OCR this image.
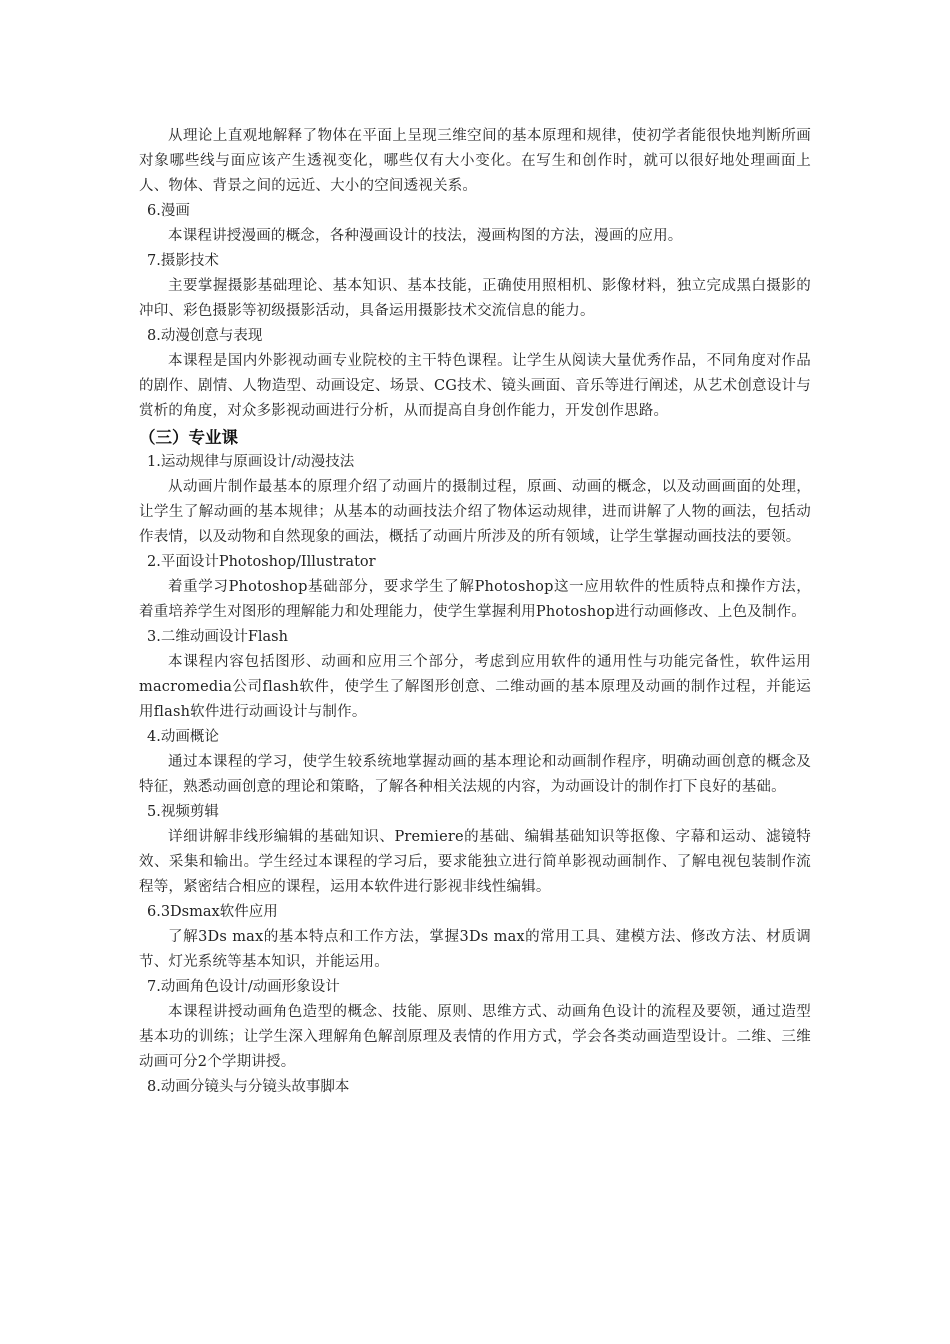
从理论上直观地解释了物体在平面上呈现三维空间的基本原理和规律，使初学者能很快地判断所画对象哪些线与面应该产生透视变化，哪些仅有大小变化。在写生和创作时，就可以很好地处理画面上人、物体、背景之间的远近、大小的空间透视关系。

6.漫画

本课程讲授漫画的概念，各种漫画设计的技法，漫画构图的方法，漫画的应用。

7.摄影技术

主要掌握摄影基础理论、基本知识、基本技能，正确使用照相机、影像材料，独立完成黑白摄影的冲印、彩色摄影等初级摄影活动，具备运用摄影技术交流信息的能力。

8.动漫创意与表现

本课程是国内外影视动画专业院校的主干特色课程。让学生从阅读大量优秀作品，不同角度对作品的剧作、剧情、人物造型、动画设定、场景、CG技术、镜头画面、音乐等进行阐述，从艺术创意设计与赏析的角度，对众多影视动画进行分析，从而提高自身创作能力，开发创作思路。

（三）专业课

1.运动规律与原画设计/动漫技法

从动画片制作最基本的原理介绍了动画片的摄制过程，原画、动画的概念，以及动画画面的处理，让学生了解动画的基本规律；从基本的动画技法介绍了物体运动规律，进而讲解了人物的画法，包括动作表情，以及动物和自然现象的画法，概括了动画片所涉及的所有领域，让学生掌握动画技法的要领。

2.平面设计Photoshop/Illustrator

着重学习Photoshop基础部分，要求学生了解Photoshop这一应用软件的性质特点和操作方法，着重培养学生对图形的理解能力和处理能力，使学生掌握利用Photoshop进行动画修改、上色及制作。

3.二维动画设计Flash

本课程内容包括图形、动画和应用三个部分，考虑到应用软件的通用性与功能完备性，软件运用macromedia公司flash软件，使学生了解图形创意、二维动画的基本原理及动画的制作过程，并能运用flash软件进行动画设计与制作。

4.动画概论

通过本课程的学习，使学生较系统地掌握动画的基本理论和动画制作程序，明确动画创意的概念及特征，熟悉动画创意的理论和策略，了解各种相关法规的内容，为动画设计的制作打下良好的基础。

5.视频剪辑

详细讲解非线形编辑的基础知识、Premiere的基础、编辑基础知识等抠像、字幕和运动、滤镜特效、采集和输出。学生经过本课程的学习后，要求能独立进行简单影视动画制作、了解电视包装制作流程等，紧密结合相应的课程，运用本软件进行影视非线性编辑。

6.3Dsmax软件应用

了解3Ds max的基本特点和工作方法，掌握3Ds max的常用工具、建模方法、修改方法、材质调节、灯光系统等基本知识，并能运用。

7.动画角色设计/动画形象设计

本课程讲授动画角色造型的概念、技能、原则、思维方式、动画角色设计的流程及要领，通过造型基本功的训练；让学生深入理解角色解剖原理及表情的作用方式，学会各类动画造型设计。二维、三维动画可分2个学期讲授。

8.动画分镜头与分镜头故事脚本
